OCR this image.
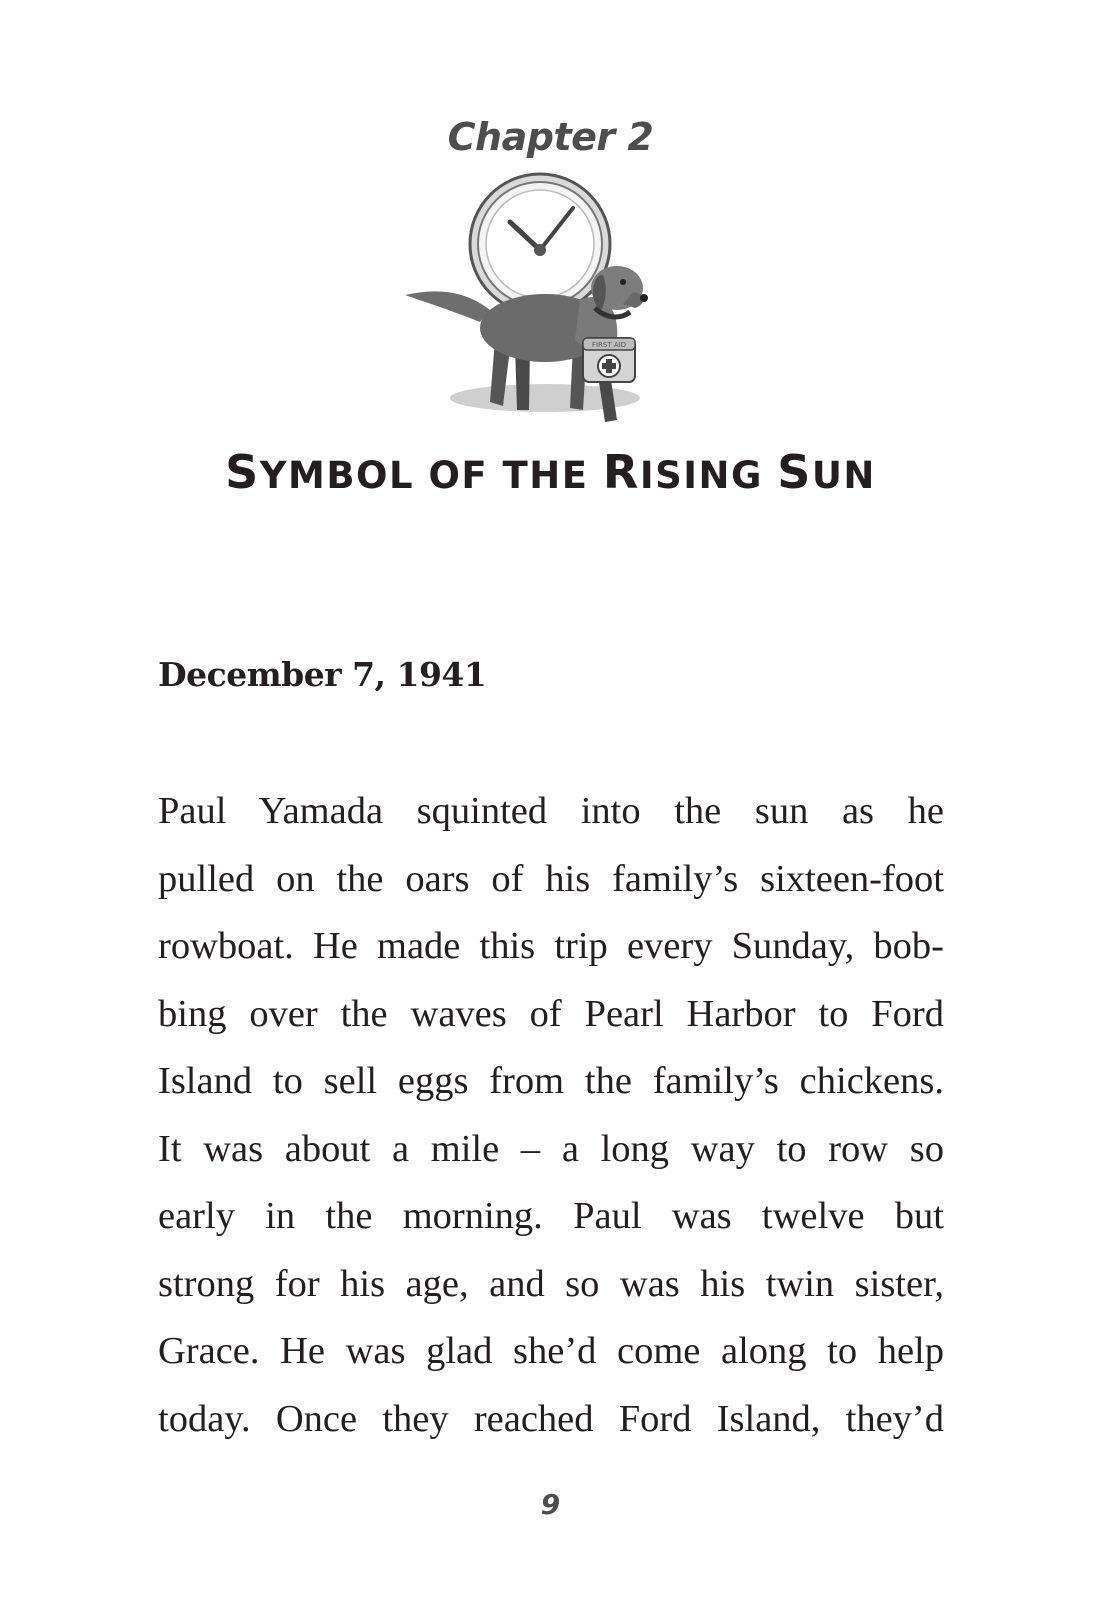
Chapter 2
FIRST AID
SYMBOL OF THE RISING SUN
December 7, 1941
Paul Yamada squinted into the sun as he
pulled on the oars of his family’s sixteen-foot
rowboat. He made this trip every Sunday, bob-
bing over the waves of Pearl Harbor to Ford
Island to sell eggs from the family’s chickens.
It was about a mile – a long way to row so
early in the morning. Paul was twelve but
strong for his age, and so was his twin sister,
Grace. He was glad she’d come along to help
today. Once they reached Ford Island, they’d
9
